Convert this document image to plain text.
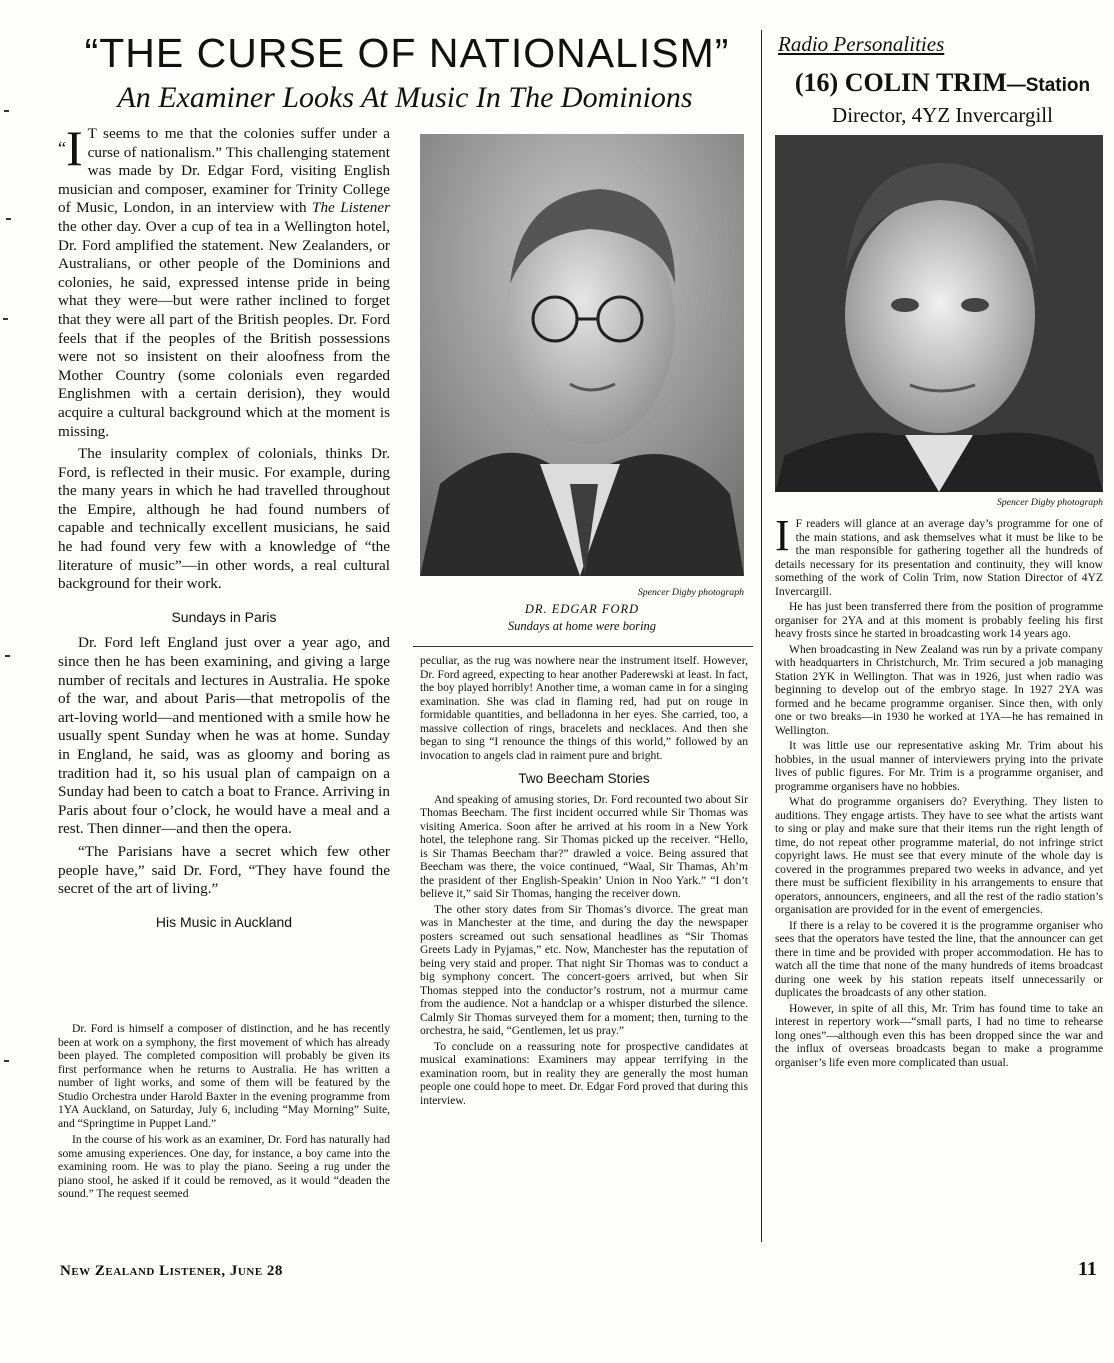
“THE CURSE OF NATIONALISM”
An Examiner Looks At Music In The Dominions

“I T seems to me that the colonies suffer under a curse of nationalism.” This challenging statement was made by Dr. Edgar Ford, visiting English musician and composer, examiner for Trinity College of Music, London, in an interview with The Listener the other day. Over a cup of tea in a Wellington hotel, Dr. Ford amplified the statement. New Zealanders, or Australians, or other people of the Dominions and colonies, he said, expressed intense pride in being what they were—but were rather inclined to forget that they were all part of the British peoples. Dr. Ford feels that if the peoples of the British possessions were not so insistent on their aloofness from the Mother Country (some colonials even regarded Englishmen with a certain derision), they would acquire a cultural background which at the moment is missing.

The insularity complex of colonials, thinks Dr. Ford, is reflected in their music. For example, during the many years in which he had travelled throughout the Empire, although he had found numbers of capable and technically excellent musicians, he said he had found very few with a knowledge of “the literature of music”—in other words, a real cultural background for their work.

Sundays in Paris

Dr. Ford left England just over a year ago, and since then he has been examining, and giving a large number of recitals and lectures in Australia. He spoke of the war, and about Paris—that metropolis of the art-loving world—and mentioned with a smile how he usually spent Sunday when he was at home. Sunday in England, he said, was as gloomy and boring as tradition had it, so his usual plan of campaign on a Sunday had been to catch a boat to France. Arriving in Paris about four o’clock, he would have a meal and a rest. Then dinner—and then the opera.

“The Parisians have a secret which few other people have,” said Dr. Ford, “They have found the secret of the art of living.”

His Music in Auckland

Dr. Ford is himself a composer of distinction, and he has recently been at work on a symphony, the first movement of which has already been played. The completed composition will probably be given its first performance when he returns to Australia. He has written a number of light works, and some of them will be featured by the Studio Orchestra under Harold Baxter in the evening programme from 1YA Auckland, on Saturday, July 6, including “May Morning” Suite, and “Springtime in Puppet Land.”

In the course of his work as an examiner, Dr. Ford has naturally had some amusing experiences. One day, for instance, a boy came into the examining room. He was to play the piano. Seeing a rug under the piano stool, he asked if it could be removed, as it would “deaden the sound.” The request seemed

Spencer Digby photograph
DR. EDGAR FORD
Sundays at home were boring

peculiar, as the rug was nowhere near the instrument itself. However, Dr. Ford agreed, expecting to hear another Paderewski at least. In fact, the boy played horribly! Another time, a woman came in for a singing examination. She was clad in flaming red, had put on rouge in formidable quantities, and belladonna in her eyes. She carried, too, a massive collection of rings, bracelets and necklaces. And then she began to sing “I renounce the things of this world,” followed by an invocation to angels clad in raiment pure and bright.

Two Beecham Stories

And speaking of amusing stories, Dr. Ford recounted two about Sir Thomas Beecham. The first incident occurred while Sir Thomas was visiting America. Soon after he arrived at his room in a New York hotel, the telephone rang. Sir Thomas picked up the receiver. “Hello, is Sir Thamas Beecham thar?” drawled a voice. Being assured that Beecham was there, the voice continued, “Waal, Sir Thamas, Ah’m the prasident of ther English-Speakin’ Union in Noo Yark.” “I don’t believe it,” said Sir Thomas, hanging the receiver down.

The other story dates from Sir Thomas’s divorce. The great man was in Manchester at the time, and during the day the newspaper posters screamed out such sensational headlines as “Sir Thomas Greets Lady in Pyjamas,” etc. Now, Manchester has the reputation of being very staid and proper. That night Sir Thomas was to conduct a big symphony concert. The concert-goers arrived, but when Sir Thomas stepped into the conductor’s rostrum, not a murmur came from the audience. Not a handclap or a whisper disturbed the silence. Calmly Sir Thomas surveyed them for a moment; then, turning to the orchestra, he said, “Gentlemen, let us pray.”

To conclude on a reassuring note for prospective candidates at musical examinations: Examiners may appear terrifying in the examination room, but in reality they are generally the most human people one could hope to meet. Dr. Edgar Ford proved that during this interview.

Radio Personalities
(16) COLIN TRIM—Station
Director, 4YZ Invercargill
Spencer Digby photograph

I F readers will glance at an average day’s programme for one of the main stations, and ask themselves what it must be like to be the man responsible for gathering together all the hundreds of details necessary for its presentation and continuity, they will know something of the work of Colin Trim, now Station Director of 4YZ Invercargill.

He has just been transferred there from the position of programme organiser for 2YA and at this moment is probably feeling his first heavy frosts since he started in broadcasting work 14 years ago.

When broadcasting in New Zealand was run by a private company with headquarters in Christchurch, Mr. Trim secured a job managing Station 2YK in Wellington. That was in 1926, just when radio was beginning to develop out of the embryo stage. In 1927 2YA was formed and he became programme organiser. Since then, with only one or two breaks—in 1930 he worked at 1YA—he has remained in Wellington.

It was little use our representative asking Mr. Trim about his hobbies, in the usual manner of interviewers prying into the private lives of public figures. For Mr. Trim is a programme organiser, and programme organisers have no hobbies.

What do programme organisers do? Everything. They listen to auditions. They engage artists. They have to see what the artists want to sing or play and make sure that their items run the right length of time, do not repeat other programme material, do not infringe strict copyright laws. He must see that every minute of the whole day is covered in the programmes prepared two weeks in advance, and yet there must be sufficient flexibility in his arrangements to ensure that operators, announcers, engineers, and all the rest of the radio station’s organisation are provided for in the event of emergencies.

If there is a relay to be covered it is the programme organiser who sees that the operators have tested the line, that the announcer can get there in time and be provided with proper accommodation. He has to watch all the time that none of the many hundreds of items broadcast during one week by his station repeats itself unnecessarily or duplicates the broadcasts of any other station.

However, in spite of all this, Mr. Trim has found time to take an interest in repertory work—“small parts, I had no time to rehearse long ones”—although even this has been dropped since the war and the influx of overseas broadcasts began to make a programme organiser’s life even more complicated than usual.

New Zealand Listener, June 28	11
